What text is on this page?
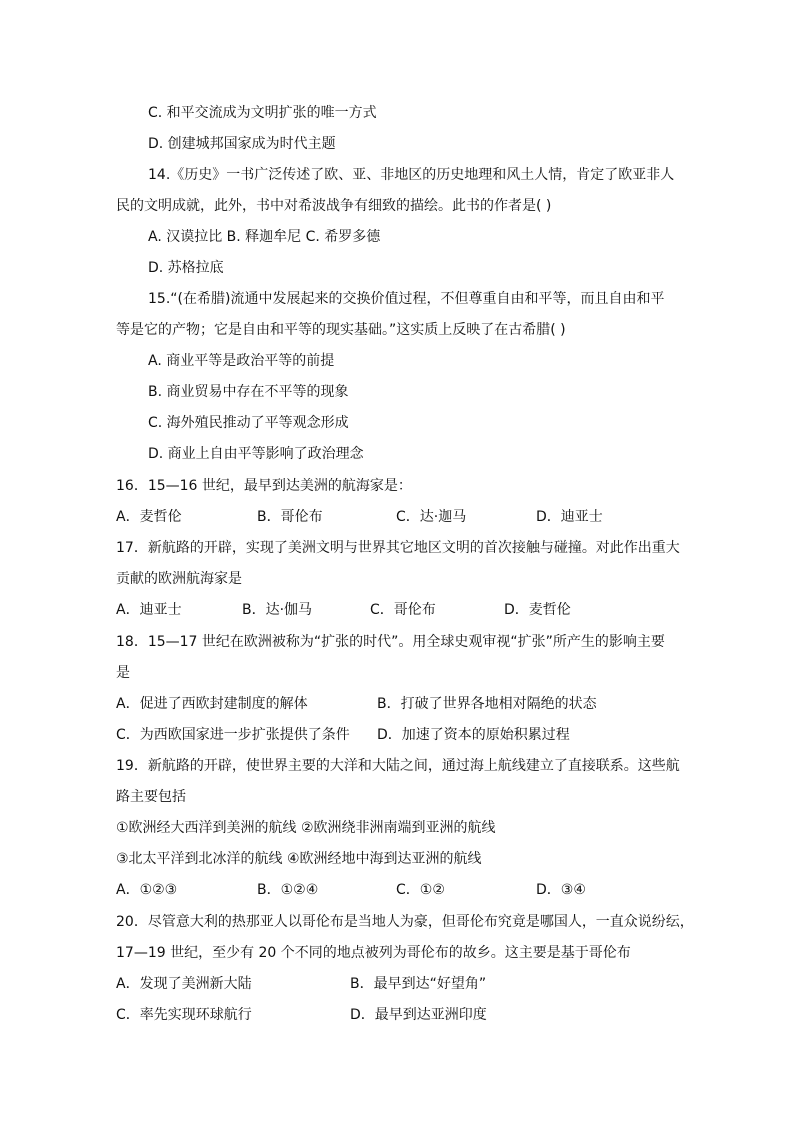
C. 和平交流成为文明扩张的唯一方式
D. 创建城邦国家成为时代主题
14.《历史》一书广泛传述了欧、亚、非地区的历史地理和风土人情，肯定了欧亚非人
民的文明成就，此外，书中对希波战争有细致的描绘。此书的作者是( )
A. 汉谟拉比 B. 释迦牟尼 C. 希罗多德
D. 苏格拉底
15.“(在希腊)流通中发展起来的交换价值过程，不但尊重自由和平等，而且自由和平
等是它的产物；它是自由和平等的现实基础。”这实质上反映了在古希腊( )
A. 商业平等是政治平等的前提
B. 商业贸易中存在不平等的现象
C. 海外殖民推动了平等观念形成
D. 商业上自由平等影响了政治理念
16．15—16 世纪，最早到达美洲的航海家是：
A．麦哲伦	B．哥伦布	C．达·迦马	D．迪亚士
17．新航路的开辟，实现了美洲文明与世界其它地区文明的首次接触与碰撞。对此作出重大
贡献的欧洲航海家是
A．迪亚士	B．达·伽马	C．哥伦布	D．麦哲伦
18．15—17 世纪在欧洲被称为“扩张的时代”。用全球史观审视“扩张”所产生的影响主要
是
A．促进了西欧封建制度的解体	B．打破了世界各地相对隔绝的状态
C．为西欧国家进一步扩张提供了条件 D．加速了资本的原始积累过程
19．新航路的开辟，使世界主要的大洋和大陆之间，通过海上航线建立了直接联系。这些航
路主要包括
①欧洲经大西洋到美洲的航线 ②欧洲绕非洲南端到亚洲的航线
③北太平洋到北冰洋的航线 ④欧洲经地中海到达亚洲的航线
A．①②③	B．①②④	C．①②	D．③④
20．尽管意大利的热那亚人以哥伦布是当地人为豪，但哥伦布究竟是哪国人，一直众说纷纭，
17—19 世纪，至少有 20 个不同的地点被列为哥伦布的故乡。这主要是基于哥伦布
A．发现了美洲新大陆	B．最早到达“好望角”
C．率先实现环球航行	D．最早到达亚洲印度
